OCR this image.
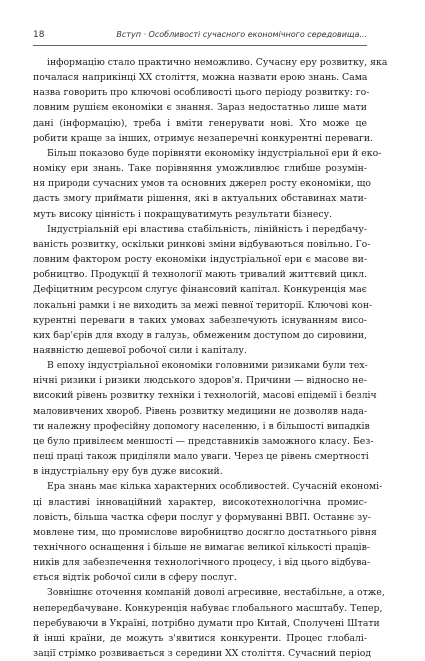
18	Вступ · Особливості сучасного економічного середовища...

інформацію стало практично неможливо. Сучасну еру розвитку, яка
почалася наприкінці XX століття, можна назвати ерою знань. Сама
назва говорить про ключові особливості цього періоду розвитку: го-
ловним рушієм економіки є знання. Зараз недостатньо лише мати
дані (інформацію), треба і вміти генерувати нові. Хто може це
робити краще за інших, отримує незаперечні конкурентні переваги.

Більш показово буде порівняти економіку індустріальної ери й еко-
номіку ери знань. Таке порівняння уможливлює глибше розумін-
ня природи сучасних умов та основних джерел росту економіки, що
дасть змогу приймати рішення, які в актуальних обставинах мати-
муть високу цінність і покращуватимуть результати бізнесу.

Індустріальній ері властива стабільність, лінійність і передбачу-
ваність розвитку, оскільки ринкові зміни відбуваються повільно. Го-
ловним фактором росту економіки індустріальної ери є масове ви-
робництво. Продукції й технології мають тривалий життєвий цикл.
Дефіцитним ресурсом слугує фінансовий капітал. Конкуренція має
локальні рамки і не виходить за межі певної території. Ключові кон-
курентні переваги в таких умовах забезпечують існуванням висо-
ких бар'єрів для входу в галузь, обмеженим доступом до сировини,
наявністю дешевої робочої сили і капіталу.

В епоху індустріальної економіки головними ризиками були тех-
нічні ризики і ризики людського здоров'я. Причини — відносно не-
високий рівень розвитку техніки і технологій, масові епідемії і безліч
маловивчених хвороб. Рівень розвитку медицини не дозволяв нада-
ти належну професійну допомогу населенню, і в більшості випадків
це було привілеєм меншості — представників заможного класу. Без-
пеці праці також приділяли мало уваги. Через це рівень смертності
в індустріальну еру був дуже високий.

Ера знань має кілька характерних особливостей. Сучасній економі-
ці властиві інноваційний характер, високотехнологічна промис-
ловість, більша частка сфери послуг у формуванні ВВП. Останнє зу-
мовлене тим, що промислове виробництво досягло достатнього рівня
технічного оснащення і більше не вимагає великої кількості праців-
ників для забезпечення технологічного процесу, і від цього відбува-
ється відтік робочої сили в сферу послуг.

Зовнішнє оточення компаній доволі агресивне, нестабільне, а отже,
непередбачуване. Конкуренція набуває глобального масштабу. Тепер,
перебуваючи в Україні, потрібно думати про Китай, Сполучені Штати
й інші країни, де можуть з'явитися конкуренти. Процес глобалі-
зації стрімко розвивається з середини XX століття. Сучасний період
